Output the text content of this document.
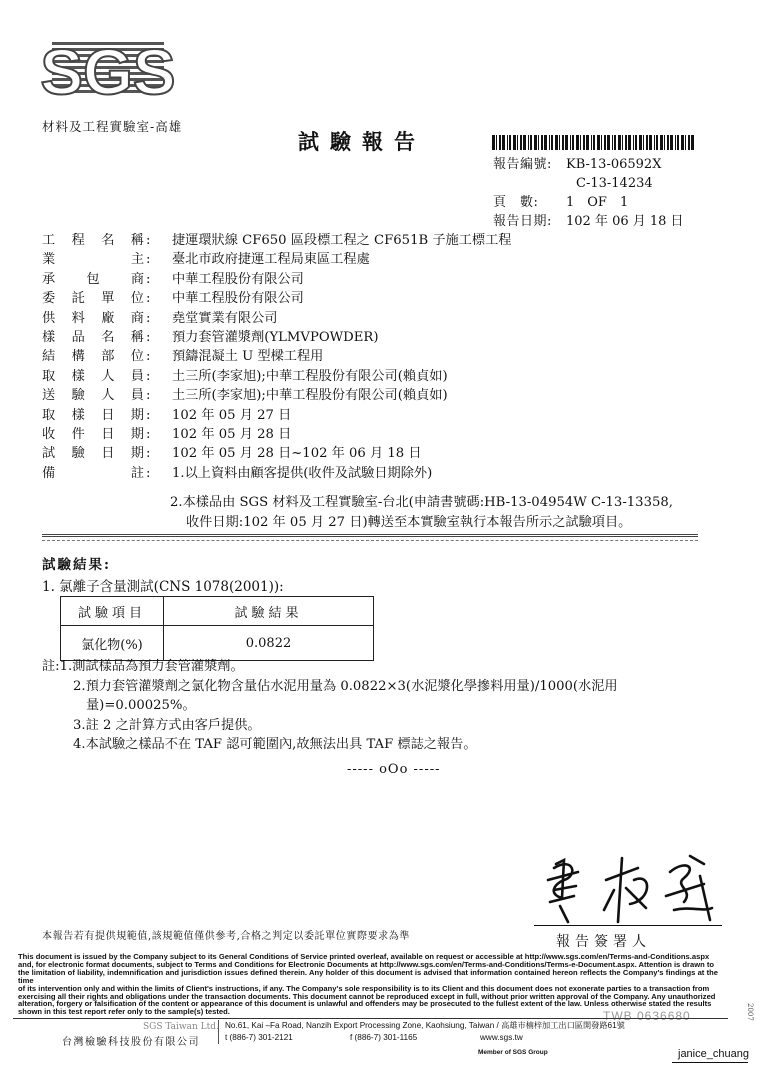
SGS
材料及工程實驗室-高雄
試驗報告
報告編號:	KB-13-06592X
C-13-14234
頁　數:	1　OF　1
報告日期:	102 年 06 月 18 日
工 程 名 稱 :	捷運環狀線 CF650 區段標工程之 CF651B 子施工標工程
業	主 :	臺北市政府捷運工程局東區工程處
承 包 商 :	中華工程股份有限公司
委 託 單 位 :	中華工程股份有限公司
供 料 廠 商 :	堯堂實業有限公司
樣 品 名 稱 :	預力套管灌漿劑(YLMVPOWDER)
結 構 部 位 :	預鑄混凝土 U 型樑工程用
取 樣 人 員 :	土三所(李家旭);中華工程股份有限公司(賴貞如)
送 驗 人 員 :	土三所(李家旭);中華工程股份有限公司(賴貞如)
取 樣 日 期 :	102 年 05 月 27 日
收 件 日 期 :	102 年 05 月 28 日
試 驗 日 期 :	102 年 05 月 28 日~102 年 06 月 18 日
備	註 :	1.以上資料由顧客提供(收件及試驗日期除外)
2.本樣品由 SGS 材料及工程實驗室-台北(申請書號碼:HB-13-04954W C-13-13358,
收件日期:102 年 05 月 27 日)轉送至本實驗室執行本報告所示之試驗項目。
試驗結果:
1. 氯離子含量測試(CNS 1078(2001)):
試驗項目	試驗結果
氯化物(%)	0.0822
註:1.測試樣品為預力套管灌漿劑。
2.預力套管灌漿劑之氯化物含量佔水泥用量為 0.0822×3(水泥漿化學摻料用量)/1000(水泥用
量)=0.00025%。
3.註 2 之計算方式由客戶提供。
4.本試驗之樣品不在 TAF 認可範圍內,故無法出具 TAF 標誌之報告。
----- oOo -----
報告簽署人
本報告若有提供規範值,該規範值僅供參考,合格之判定以委託單位實際要求為準
This document is issued by the Company subject to its General Conditions of Service printed overleaf, available on request or accessible at http://www.sgs.com/en/Terms-and-Conditions.aspx
and, for electronic format documents, subject to Terms and Conditions for Electronic Documents at http://www.sgs.com/en/Terms-and-Conditions/Terms-e-Document.aspx. Attention is drawn to
the limitation of liability, indemnification and jurisdiction issues defined therein. Any holder of this document is advised that information contained hereon reflects the Company's findings at the time
of its intervention only and within the limits of Client's instructions, if any. The Company's sole responsibility is to its Client and this document does not exonerate parties to a transaction from
exercising all their rights and obligations under the transaction documents. This document cannot be reproduced except in full, without prior written approval of the Company. Any unauthorized
alteration, forgery or falsification of the content or appearance of this document is unlawful and offenders may be prosecuted to the fullest extent of the law. Unless otherwise stated the results
shown in this test report refer only to the sample(s) tested.	TWB 0636680	2007
SGS Taiwan Ltd.
台灣檢驗科技股份有限公司
No.61, Kai –Fa Road, Nanzih Export Processing Zone, Kaohsiung, Taiwan / 高雄市楠梓加工出口區開發路61號
t (886-7) 301-2121	f (886-7) 301-1165	www.sgs.tw
Member of SGS Group	janice_chuang
